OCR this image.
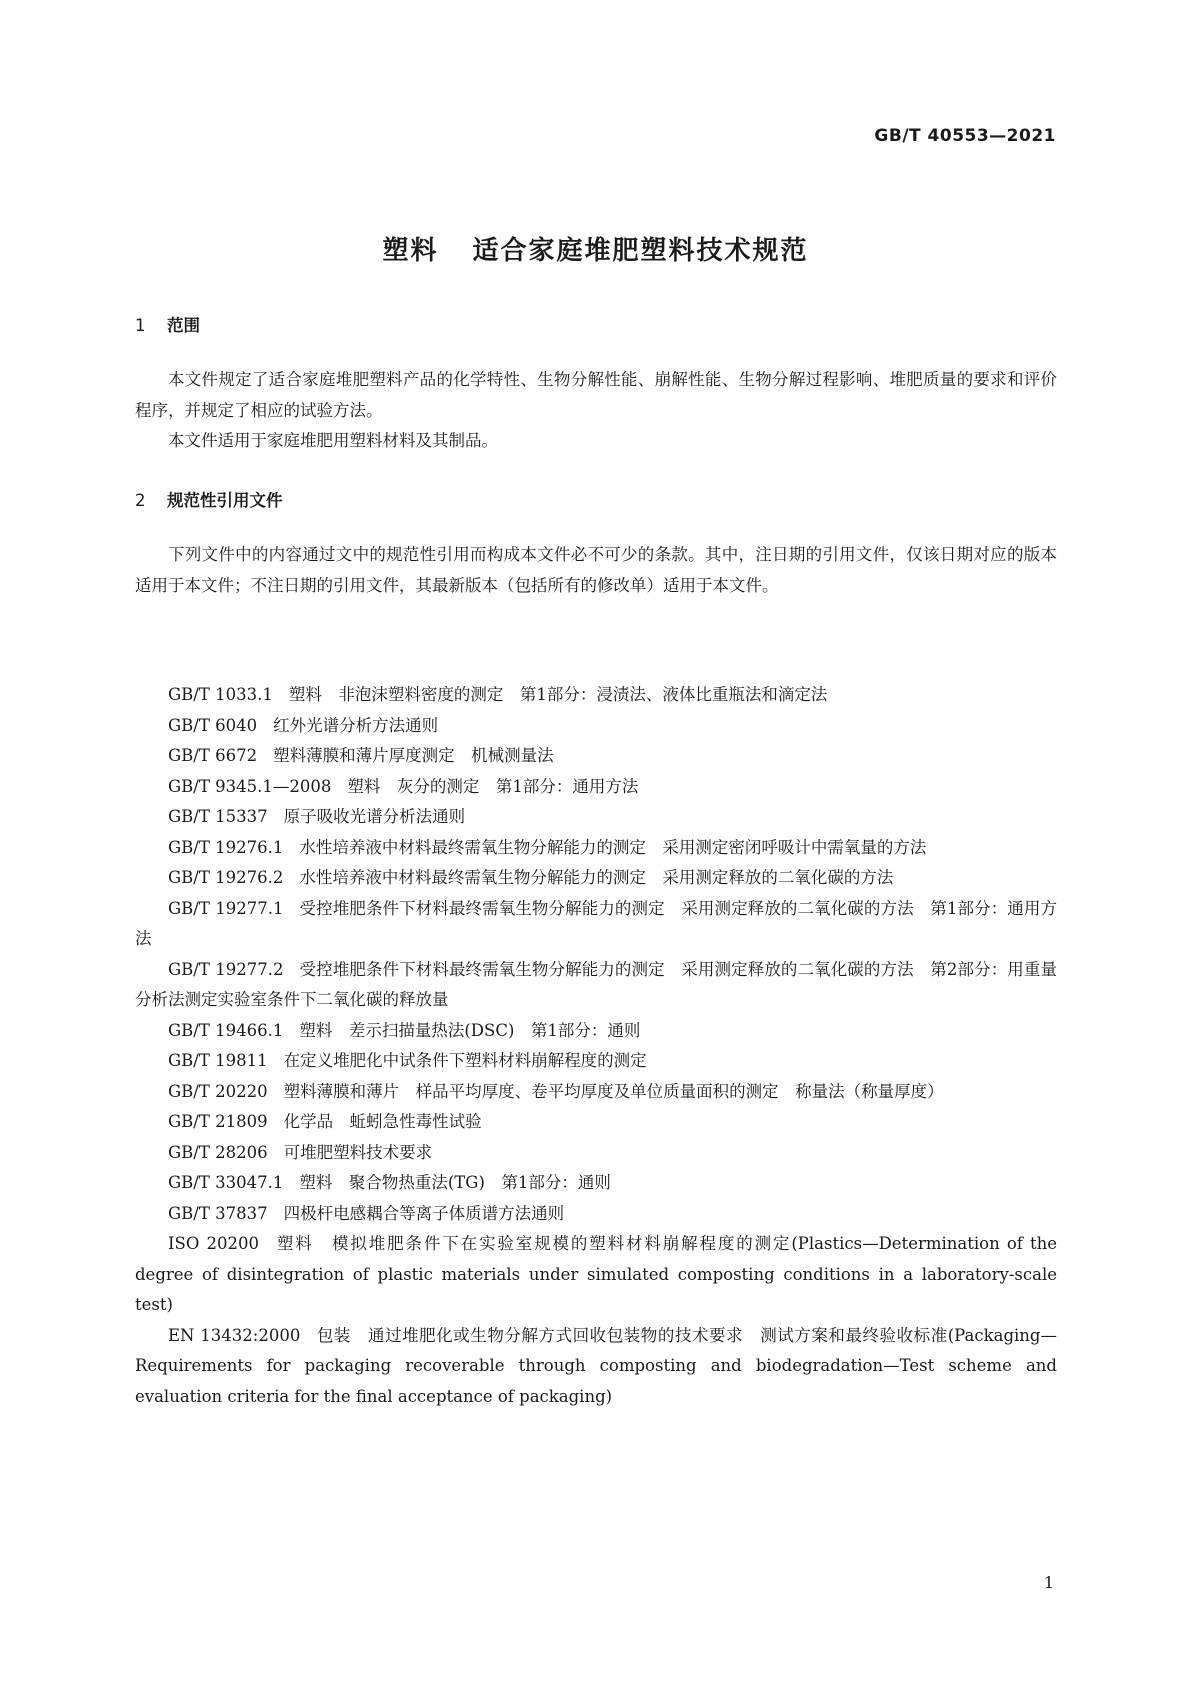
GB/T 40553—2021
塑料 适合家庭堆肥塑料技术规范
1 范围

本文件规定了适合家庭堆肥塑料产品的化学特性、生物分解性能、崩解性能、生物分解过程影响、堆肥质量的要求和评价程序，并规定了相应的试验方法。

本文件适用于家庭堆肥用塑料材料及其制品。

2 规范性引用文件

下列文件中的内容通过文中的规范性引用而构成本文件必不可少的条款。其中，注日期的引用文件，仅该日期对应的版本适用于本文件；不注日期的引用文件，其最新版本（包括所有的修改单）适用于本文件。

GB/T 1033.1 塑料　非泡沫塑料密度的测定　第1部分：浸渍法、液体比重瓶法和滴定法

GB/T 6040 红外光谱分析方法通则

GB/T 6672 塑料薄膜和薄片厚度测定　机械测量法

GB/T 9345.1—2008 塑料　灰分的测定　第1部分：通用方法

GB/T 15337 原子吸收光谱分析法通则

GB/T 19276.1 水性培养液中材料最终需氧生物分解能力的测定　采用测定密闭呼吸计中需氧量的方法

GB/T 19276.2 水性培养液中材料最终需氧生物分解能力的测定　采用测定释放的二氧化碳的方法

GB/T 19277.1 受控堆肥条件下材料最终需氧生物分解能力的测定　采用测定释放的二氧化碳的方法　第1部分：通用方法

GB/T 19277.2 受控堆肥条件下材料最终需氧生物分解能力的测定　采用测定释放的二氧化碳的方法　第2部分：用重量分析法测定实验室条件下二氧化碳的释放量

GB/T 19466.1 塑料　差示扫描量热法(DSC)　第1部分：通则

GB/T 19811 在定义堆肥化中试条件下塑料材料崩解程度的测定

GB/T 20220 塑料薄膜和薄片　样品平均厚度、卷平均厚度及单位质量面积的测定　称量法（称量厚度）

GB/T 21809 化学品　蚯蚓急性毒性试验

GB/T 28206 可堆肥塑料技术要求

GB/T 33047.1 塑料　聚合物热重法(TG)　第1部分：通则

GB/T 37837 四极杆电感耦合等离子体质谱方法通则

ISO 20200 塑料　模拟堆肥条件下在实验室规模的塑料材料崩解程度的测定(Plastics—Determination of the degree of disintegration of plastic materials under simulated composting conditions in a laboratory-scale test)

EN 13432:2000 包装　通过堆肥化或生物分解方式回收包装物的技术要求　测试方案和最终验收标准(Packaging—Requirements for packaging recoverable through composting and biodegradation—Test scheme and evaluation criteria for the final acceptance of packaging)

1
